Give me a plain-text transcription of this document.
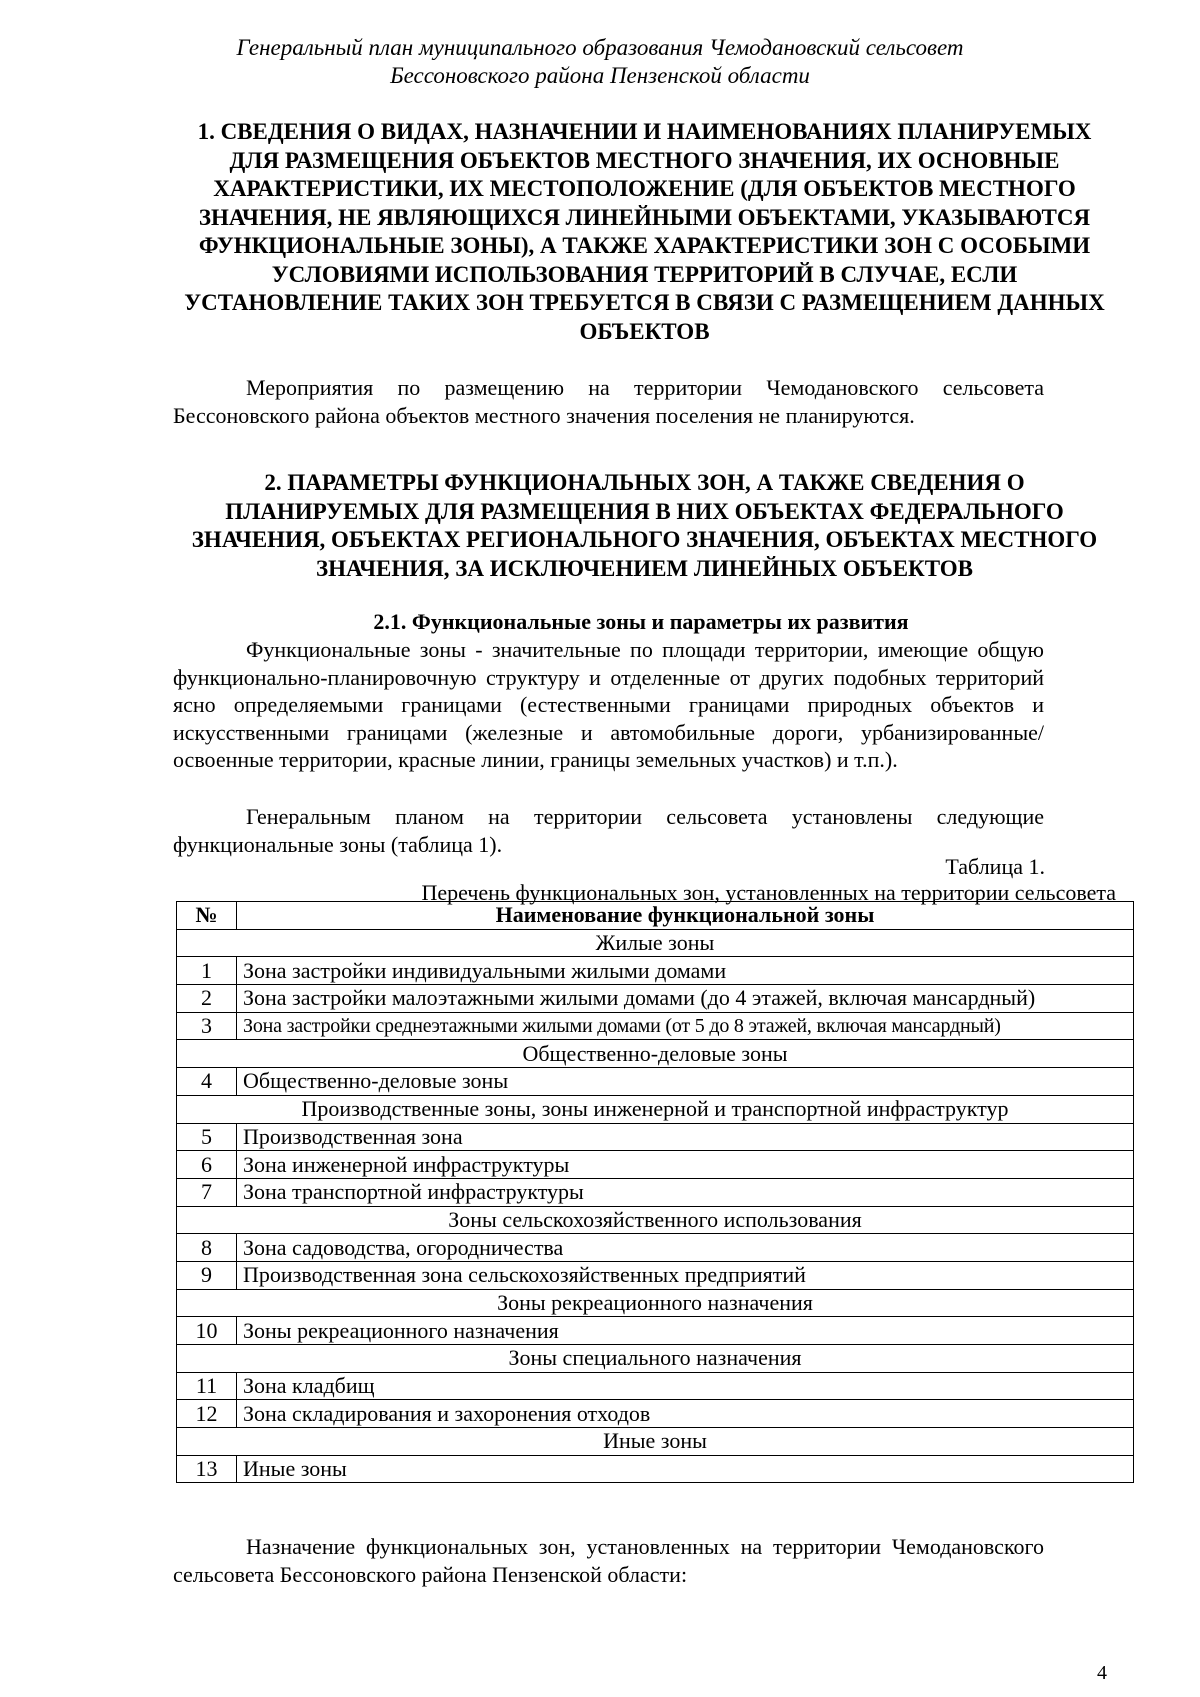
Генеральный план муниципального образования Чемодановский сельсовет
Бессоновского района Пензенской области
1. СВЕДЕНИЯ О ВИДАХ, НАЗНАЧЕНИИ И НАИМЕНОВАНИЯХ ПЛАНИРУЕМЫХ ДЛЯ РАЗМЕЩЕНИЯ ОБЪЕКТОВ МЕСТНОГО ЗНАЧЕНИЯ, ИХ ОСНОВНЫЕ ХАРАКТЕРИСТИКИ, ИХ МЕСТОПОЛОЖЕНИЕ (ДЛЯ ОБЪЕКТОВ МЕСТНОГО ЗНАЧЕНИЯ, НЕ ЯВЛЯЮЩИХСЯ ЛИНЕЙНЫМИ ОБЪЕКТАМИ, УКАЗЫВАЮТСЯ ФУНКЦИОНАЛЬНЫЕ ЗОНЫ), А ТАКЖЕ ХАРАКТЕРИСТИКИ ЗОН С ОСОБЫМИ УСЛОВИЯМИ ИСПОЛЬЗОВАНИЯ ТЕРРИТОРИЙ В СЛУЧАЕ, ЕСЛИ УСТАНОВЛЕНИЕ ТАКИХ ЗОН ТРЕБУЕТСЯ В СВЯЗИ С РАЗМЕЩЕНИЕМ ДАННЫХ ОБЪЕКТОВ
Мероприятия по размещению на территории Чемодановского сельсовета Бессоновского района объектов местного значения поселения не планируются.
2. ПАРАМЕТРЫ ФУНКЦИОНАЛЬНЫХ ЗОН, А ТАКЖЕ СВЕДЕНИЯ О ПЛАНИРУЕМЫХ ДЛЯ РАЗМЕЩЕНИЯ В НИХ ОБЪЕКТАХ ФЕДЕРАЛЬНОГО ЗНАЧЕНИЯ, ОБЪЕКТАХ РЕГИОНАЛЬНОГО ЗНАЧЕНИЯ, ОБЪЕКТАХ МЕСТНОГО ЗНАЧЕНИЯ, ЗА ИСКЛЮЧЕНИЕМ ЛИНЕЙНЫХ ОБЪЕКТОВ
2.1. Функциональные зоны и параметры их развития
Функциональные зоны - значительные по площади территории, имеющие общую функционально-планировочную структуру и отделенные от других подобных территорий ясно определяемыми границами (естественными границами природных объектов и искусственными границами (железные и автомобильные дороги, урбанизированные/освоенные территории, красные линии, границы земельных участков) и т.п.).
Генеральным планом на территории сельсовета установлены следующие функциональные зоны (таблица 1).
Таблица 1.
Перечень функциональных зон, установленных на территории сельсовета
№	Наименование функциональной зоны
Жилые зоны	
1	Зона застройки индивидуальными жилыми домами
2	Зона застройки малоэтажными жилыми домами (до 4 этажей, включая мансардный)
3	Зона застройки среднеэтажными жилыми домами (от 5 до 8 этажей, включая мансардный)
Общественно-деловые зоны	
4	Общественно-деловые зоны
Производственные зоны, зоны инженерной и транспортной инфраструктур	
5	Производственная зона
6	Зона инженерной инфраструктуры
7	Зона транспортной инфраструктуры
Зоны сельскохозяйственного использования	
8	Зона садоводства, огородничества
9	Производственная зона сельскохозяйственных предприятий
Зоны рекреационного назначения	
10	Зоны рекреационного назначения
Зоны специального назначения	
11	Зона кладбищ
12	Зона складирования и захоронения отходов
Иные зоны	
13	Иные зоны
Назначение функциональных зон, установленных на территории Чемодановского сельсовета Бессоновского района Пензенской области:
4
